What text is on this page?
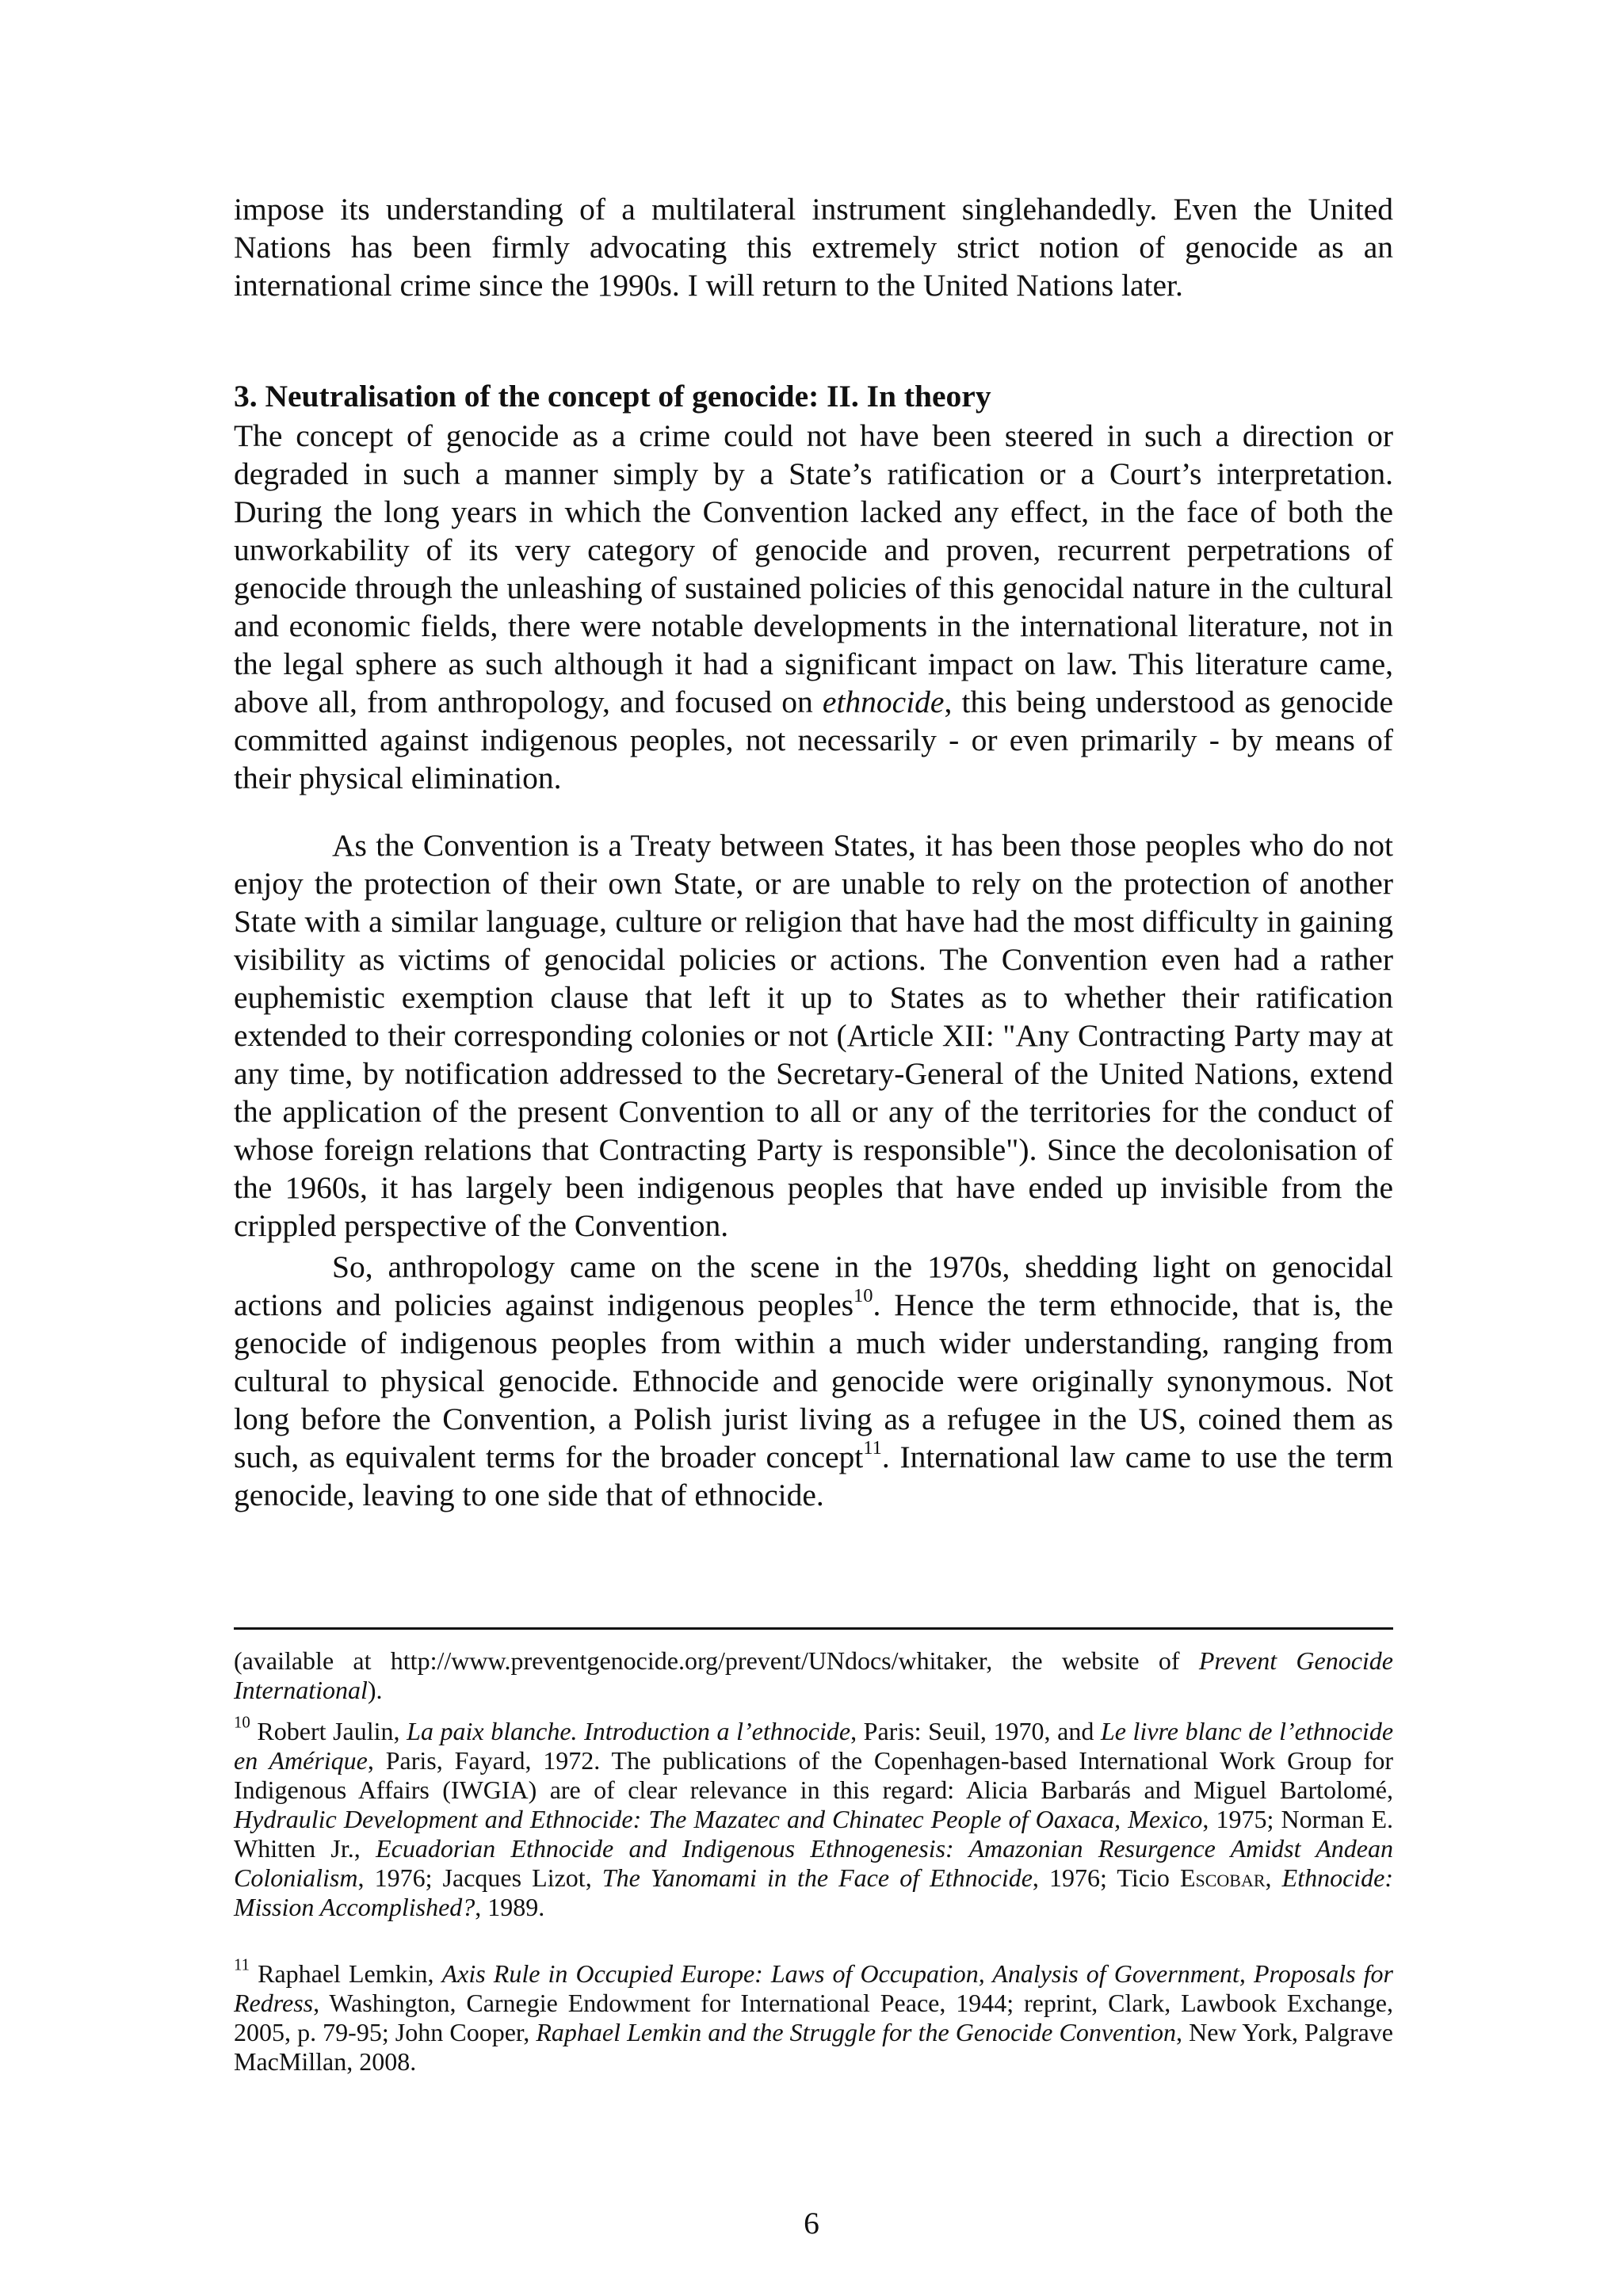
impose its understanding of a multilateral instrument singlehandedly. Even the United Nations has been firmly advocating this extremely strict notion of genocide as an international crime since the 1990s. I will return to the United Nations later.

3. Neutralisation of the concept of genocide: II. In theory

The concept of genocide as a crime could not have been steered in such a direction or degraded in such a manner simply by a State’s ratification or a Court’s interpretation. During the long years in which the Convention lacked any effect, in the face of both the unworkability of its very category of genocide and proven, recurrent perpetrations of genocide through the unleashing of sustained policies of this genocidal nature in the cultural and economic fields, there were notable developments in the international literature, not in the legal sphere as such although it had a significant impact on law. This literature came, above all, from anthropology, and focused on ethnocide, this being understood as genocide committed against indigenous peoples, not necessarily - or even primarily - by means of their physical elimination.

As the Convention is a Treaty between States, it has been those peoples who do not enjoy the protection of their own State, or are unable to rely on the protection of another State with a similar language, culture or religion that have had the most difficulty in gaining visibility as victims of genocidal policies or actions. The Convention even had a rather euphemistic exemption clause that left it up to States as to whether their ratification extended to their corresponding colonies or not (Article XII: "Any Contracting Party may at any time, by notification addressed to the Secretary-General of the United Nations, extend the application of the present Convention to all or any of the territories for the conduct of whose foreign relations that Contracting Party is responsible"). Since the decolonisation of the 1960s, it has largely been indigenous peoples that have ended up invisible from the crippled perspective of the Convention.

So, anthropology came on the scene in the 1970s, shedding light on genocidal actions and policies against indigenous peoples$^{10}$. Hence the term ethnocide, that is, the genocide of indigenous peoples from within a much wider understanding, ranging from cultural to physical genocide. Ethnocide and genocide were originally synonymous. Not long before the Convention, a Polish jurist living as a refugee in the US, coined them as such, as equivalent terms for the broader concept$^{11}$. International law came to use the term genocide, leaving to one side that of ethnocide.

(available at http://www.preventgenocide.org/prevent/UNdocs/whitaker, the website of Prevent Genocide International).

$^{10}$ Robert Jaulin, La paix blanche. Introduction a l’ethnocide, Paris: Seuil, 1970, and Le livre blanc de l’ethnocide en Amérique, Paris, Fayard, 1972. The publications of the Copenhagen-based International Work Group for Indigenous Affairs (IWGIA) are of clear relevance in this regard: Alicia Barbarás and Miguel Bartolomé, Hydraulic Development and Ethnocide: The Mazatec and Chinatec People of Oaxaca, Mexico, 1975; Norman E. Whitten Jr., Ecuadorian Ethnocide and Indigenous Ethnogenesis: Amazonian Resurgence Amidst Andean Colonialism, 1976; Jacques Lizot, The Yanomami in the Face of Ethnocide, 1976; Ticio Escobar, Ethnocide: Mission Accomplished?, 1989.

$^{11}$ Raphael Lemkin, Axis Rule in Occupied Europe: Laws of Occupation, Analysis of Government, Proposals for Redress, Washington, Carnegie Endowment for International Peace, 1944; reprint, Clark, Lawbook Exchange, 2005, p. 79-95; John Cooper, Raphael Lemkin and the Struggle for the Genocide Convention, New York, Palgrave MacMillan, 2008.

6
